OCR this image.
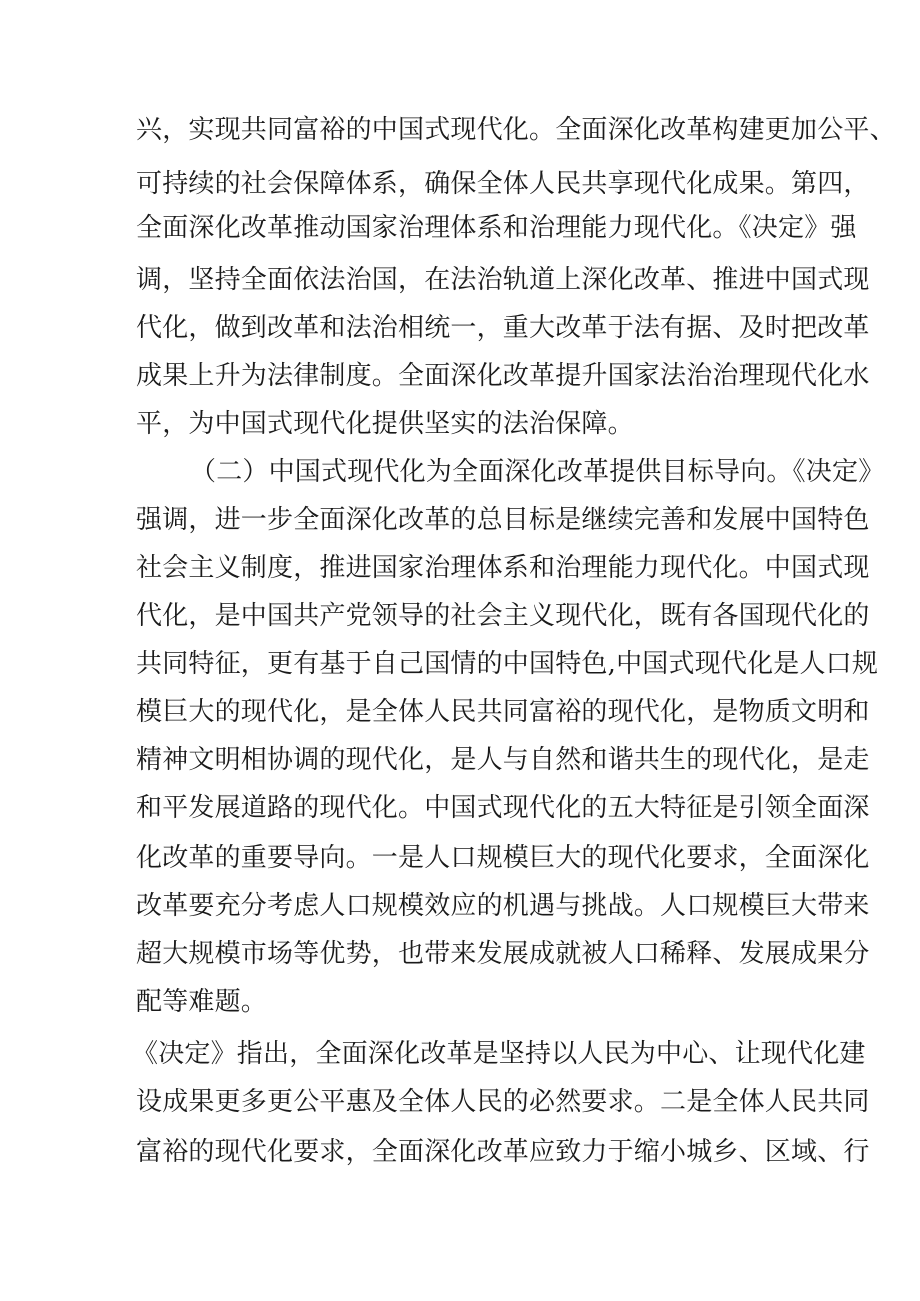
兴，实现共同富裕的中国式现代化。全面深化改革构建更加公平、
可持续的社会保障体系，确保全体人民共享现代化成果。第四，
全面深化改革推动国家治理体系和治理能力现代化。《决定》强
调，坚持全面依法治国，在法治轨道上深化改革、推进中国式现
代化，做到改革和法治相统一，重大改革于法有据、及时把改革
成果上升为法律制度。全面深化改革提升国家法治治理现代化水
平，为中国式现代化提供坚实的法治保障。
（二）中国式现代化为全面深化改革提供目标导向。《决定》
强调，进一步全面深化改革的总目标是继续完善和发展中国特色
社会主义制度，推进国家治理体系和治理能力现代化。中国式现
代化，是中国共产党领导的社会主义现代化，既有各国现代化的
共同特征，更有基于自己国情的中国特色,中国式现代化是人口规
模巨大的现代化，是全体人民共同富裕的现代化，是物质文明和
精神文明相协调的现代化，是人与自然和谐共生的现代化，是走
和平发展道路的现代化。中国式现代化的五大特征是引领全面深
化改革的重要导向。一是人口规模巨大的现代化要求，全面深化
改革要充分考虑人口规模效应的机遇与挑战。人口规模巨大带来
超大规模市场等优势，也带来发展成就被人口稀释、发展成果分
配等难题。
《决定》指出，全面深化改革是坚持以人民为中心、让现代化建
设成果更多更公平惠及全体人民的必然要求。二是全体人民共同
富裕的现代化要求，全面深化改革应致力于缩小城乡、区域、行
